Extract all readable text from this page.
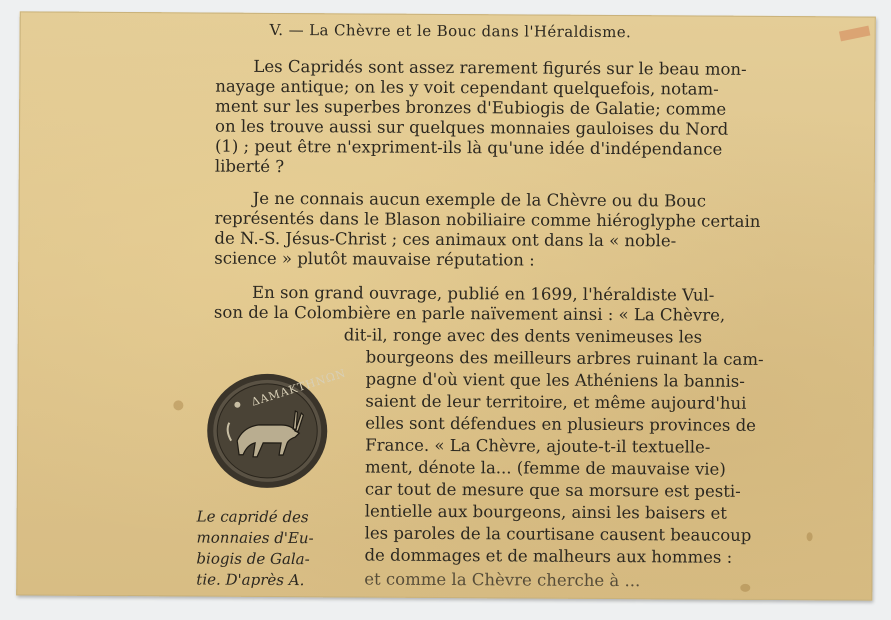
V. — La Chèvre et le Bouc dans l'Héraldisme.
Les Capridés sont assez rarement figurés sur le beau mon-
nayage antique; on les y voit cependant quelquefois, notam-
ment sur les superbes bronzes d'Eubiogis de Galatie; comme
on les trouve aussi sur quelques monnaies gauloises du Nord
(1) ; peut être n'expriment-ils là qu'une idée d'indépendance
liberté ?
Je ne connais aucun exemple de la Chèvre ou du Bouc
représentés dans le Blason nobiliaire comme hiéroglyphe certain
de N.-S. Jésus-Christ ; ces animaux ont dans la « noble-
science » plutôt mauvaise réputation :
En son grand ouvrage, publié en 1699, l'héraldiste Vul-
son de la Colombière en parle naïvement ainsi : « La Chèvre,
dit-il, ronge avec des dents venimeuses les
bourgeons des meilleurs arbres ruinant la cam-
pagne d'où vient que les Athéniens la bannis-
saient de leur territoire, et même aujourd'hui
elles sont défendues en plusieurs provinces de
France. « La Chèvre, ajoute-t-il textuelle-
ment, dénote la... (femme de mauvaise vie)
car tout de mesure que sa morsure est pesti-
lentielle aux bourgeons, ainsi les baisers et
les paroles de la courtisane causent beaucoup
de dommages et de malheurs aux hommes :
et comme la Chèvre cherche à ...
ΔΑΜΑΚΤΗΝΩΝ
Le capridé des
monnaies d'Eu-
biogis de Gala-
tie. D'après A.
